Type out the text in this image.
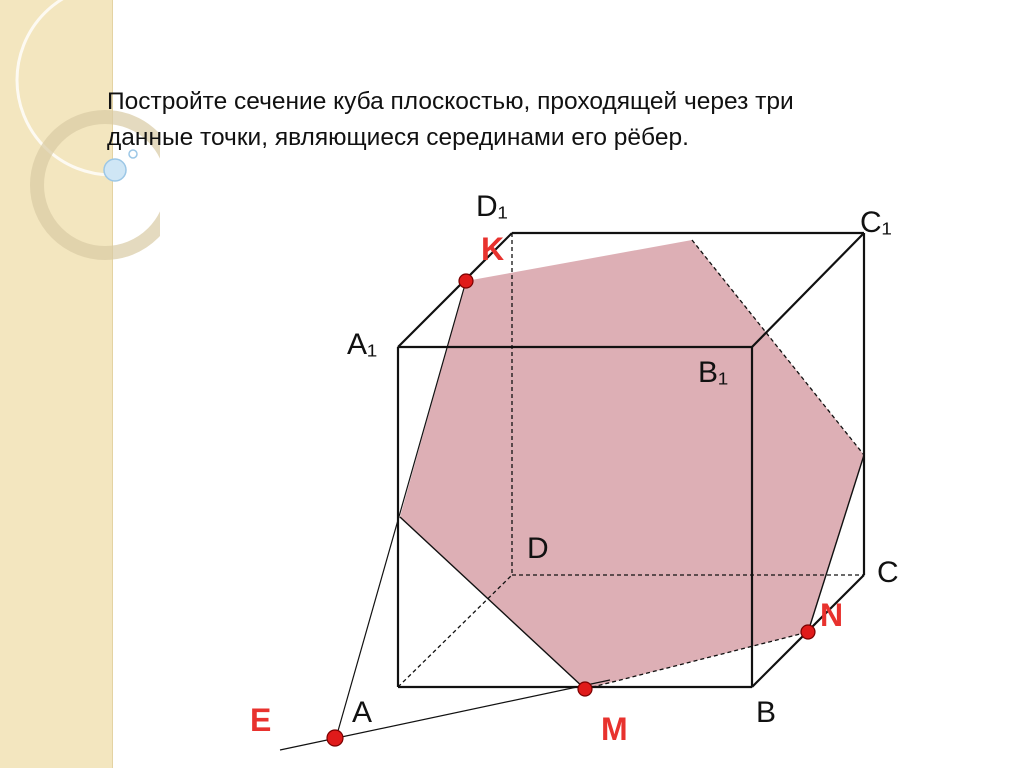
Постройте сечение куба плоскостью, проходящей через три
данные точки, являющиеся серединами его рёбер.

D₁	C₁
A₁
B₁
D
C
A	B
K
N
M
E
